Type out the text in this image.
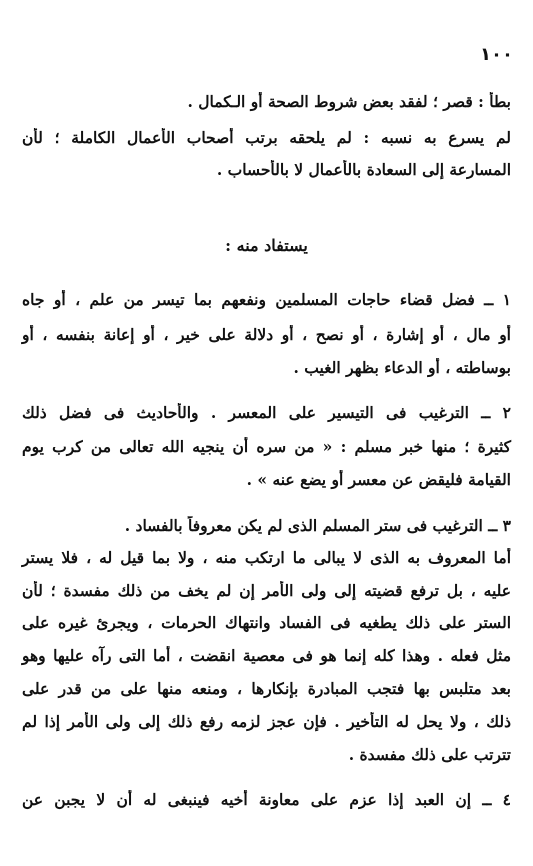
١٠٠
بطأ : قصر ؛ لفقد بعض شروط الصحة أو الـكمال .
لم يسرع به نسبه : لم يلحقه برتب أصحاب الأعمال الكاملة ؛ لأن
المسارعة إلى السعادة بالأعمال لا بالأحساب .
يستفاد منه :
١ ــ فضل قضاء حاجات المسلمين ونفعهم بما تيسر من علم ، أو جاه
أو مال ، أو إشارة ، أو نصح ، أو دلالة على خير ، أو إعانة بنفسه ، أو
بوساطته ، أو الدعاء بظهر الغيب .
٢ ــ الترغيب فى التيسير على المعسر . والأحاديث فى فضل ذلك
كثيرة ؛ منها خبر مسلم : « من سره أن ينجيه الله تعالى من كرب يوم
القيامة فليقض عن معسر أو يضع عنه » .
٣ ــ الترغيب فى ستر المسلم الذى لم يكن معروفاً بالفساد .
أما المعروف به الذى لا يبالى ما ارتكب منه ، ولا بما قيل له ، فلا يستر
عليه ، بل ترفع قضيته إلى ولى الأمر إن لم يخف من ذلك مفسدة ؛ لأن
الستر على ذلك يطغيه فى الفساد وانتهاك الحرمات ، ويجرئ غيره على
مثل فعله . وهذا كله إنما هو فى معصية انقضت ، أما التى رآه عليها وهو
بعد متلبس بها فتجب المبادرة بإنكارها ، ومنعه منها على من قدر على
ذلك ، ولا يحل له التأخير . فإن عجز لزمه رفع ذلك إلى ولى الأمر إذا لم
تترتب على ذلك مفسدة .
٤ ــ إن العبد إذا عزم على معاونة أخيه فينبغى له أن لا يجبن عن
